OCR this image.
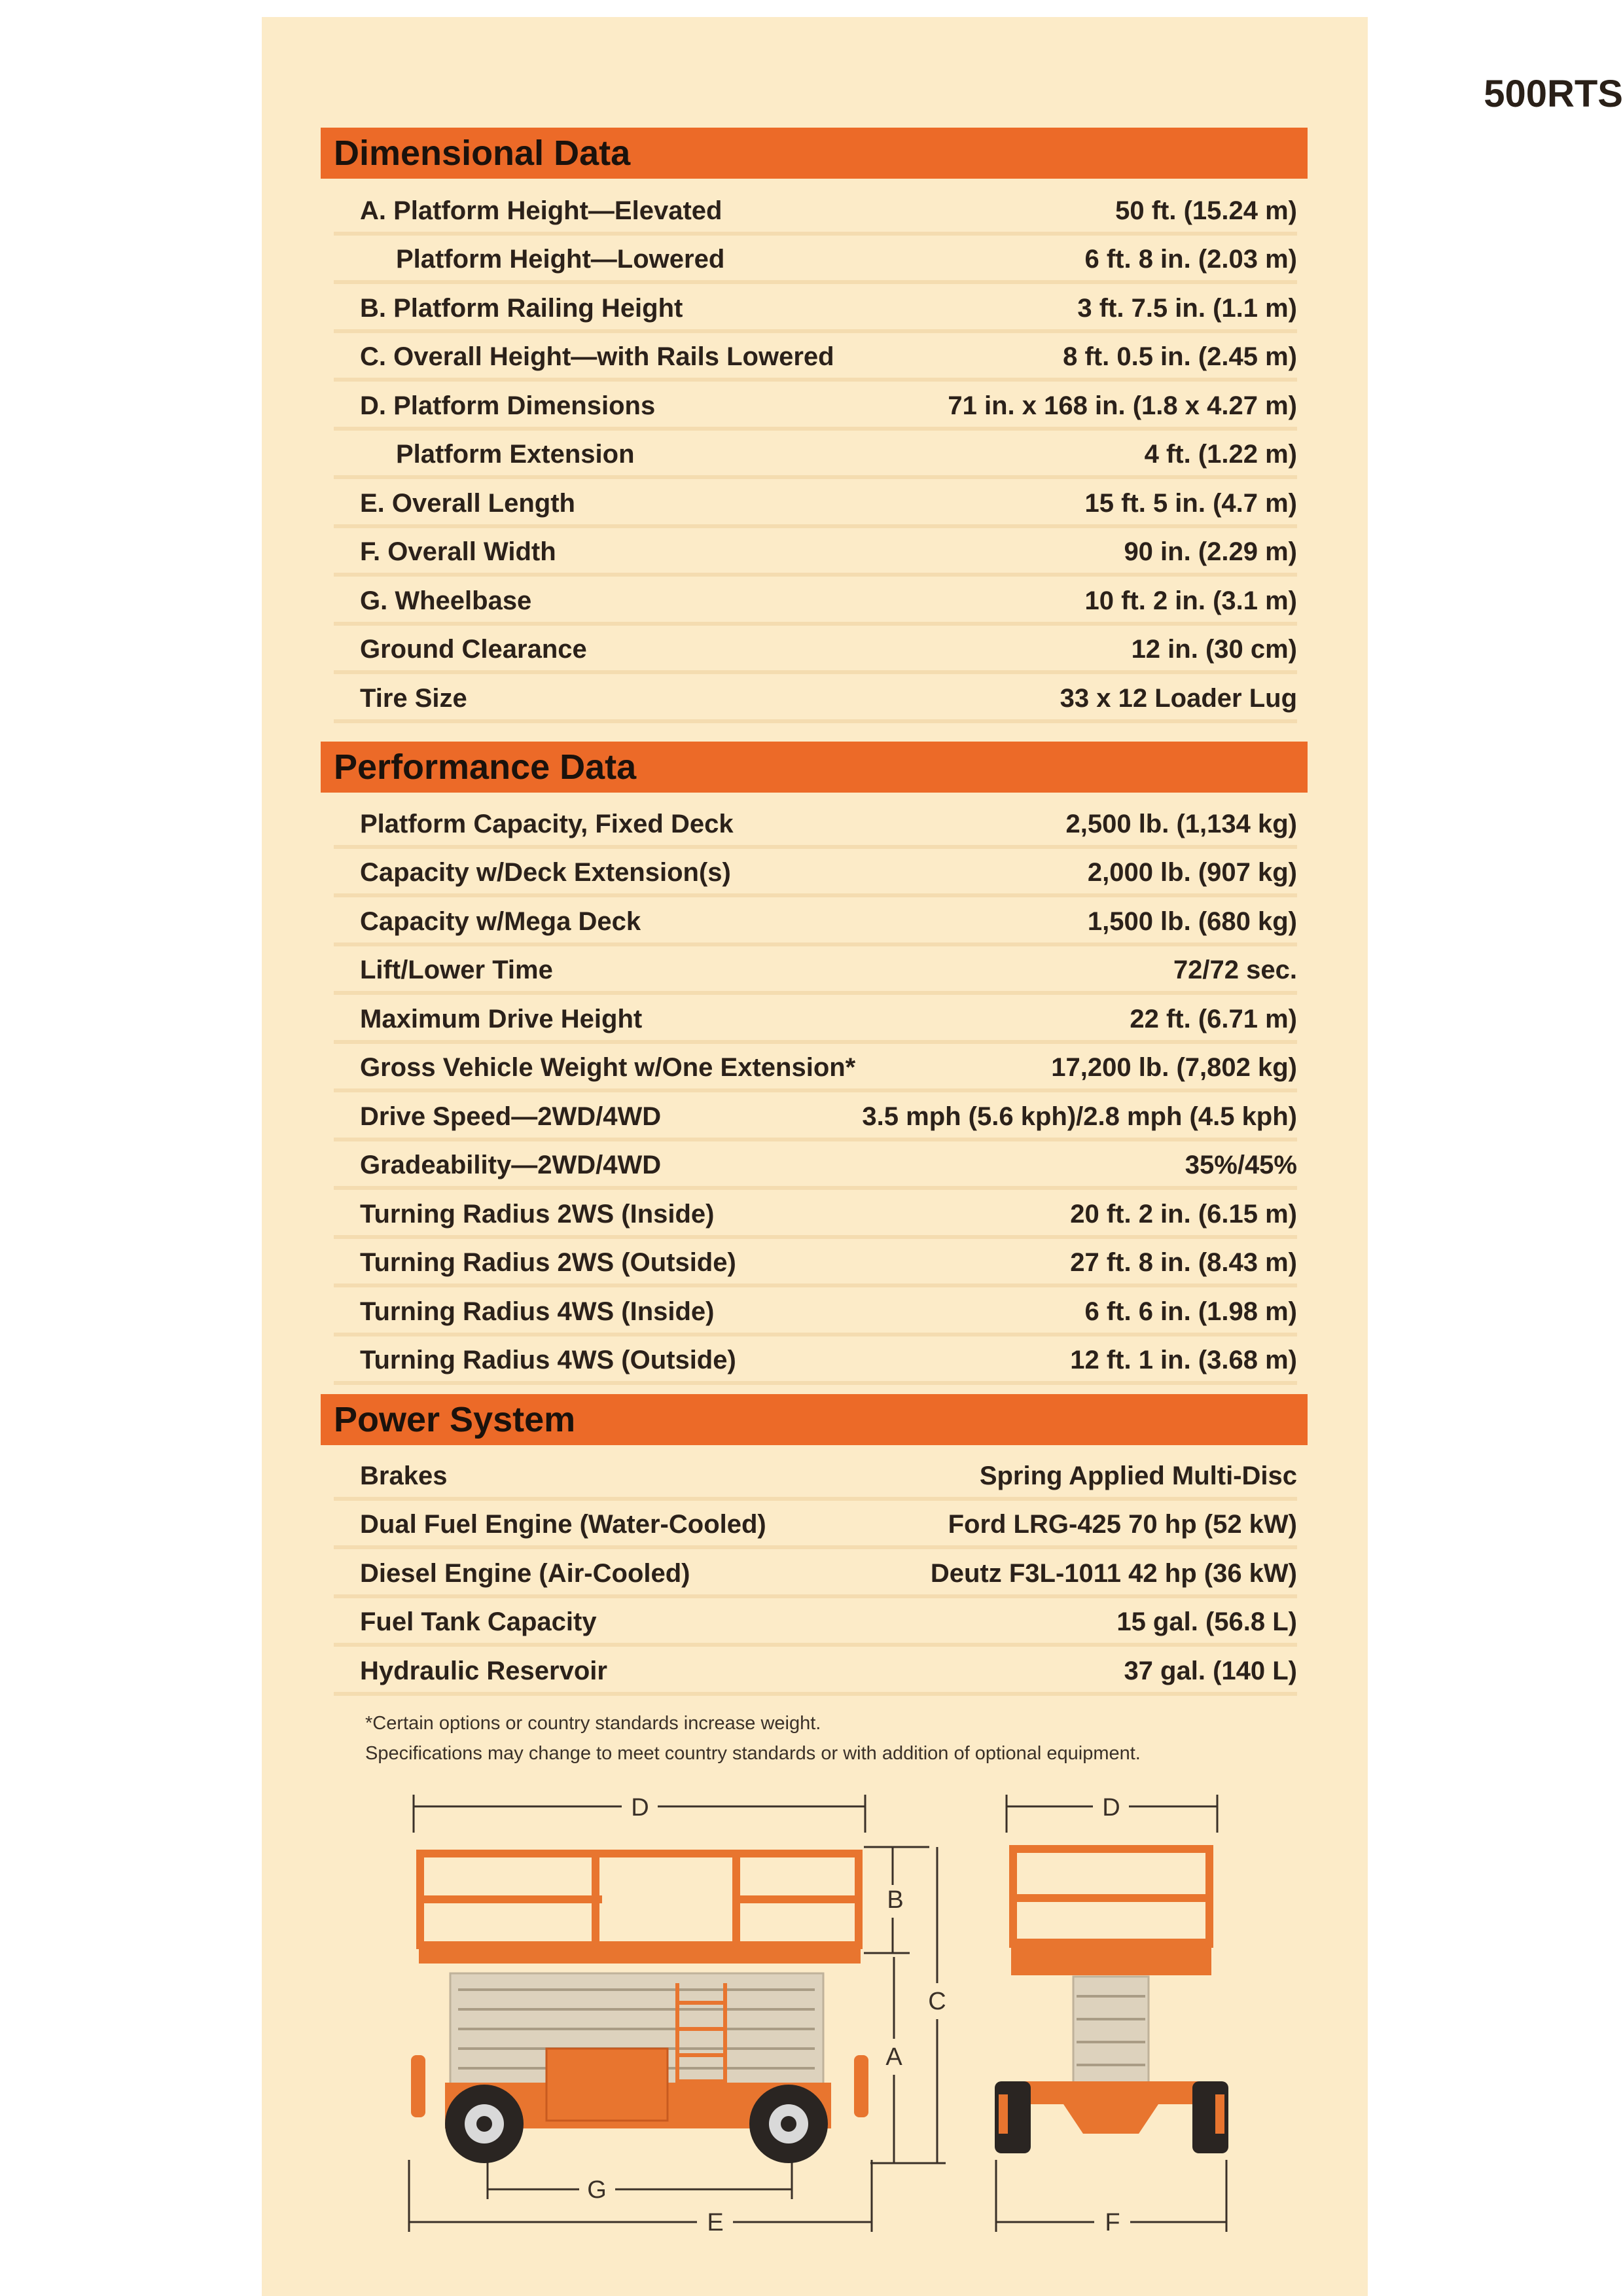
500RTS
Dimensional Data
A. Platform Height—Elevated	50 ft. (15.24 m)
Platform Height—Lowered	6 ft. 8 in. (2.03 m)
B. Platform Railing Height	3 ft. 7.5 in. (1.1 m)
C. Overall Height—with Rails Lowered	8 ft. 0.5 in. (2.45 m)
D. Platform Dimensions	71 in. x 168 in. (1.8 x 4.27 m)
Platform Extension	4 ft. (1.22 m)
E. Overall Length	15 ft. 5 in. (4.7 m)
F. Overall Width	90 in. (2.29 m)
G. Wheelbase	10 ft. 2 in. (3.1 m)
Ground Clearance	12 in. (30 cm)
Tire Size	33 x 12 Loader Lug
Performance Data
Platform Capacity, Fixed Deck	2,500 lb. (1,134 kg)
Capacity w/Deck Extension(s)	2,000 lb. (907 kg)
Capacity w/Mega Deck	1,500 lb. (680 kg)
Lift/Lower Time	72/72 sec.
Maximum Drive Height	22 ft. (6.71 m)
Gross Vehicle Weight w/One Extension*	17,200 lb. (7,802 kg)
Drive Speed—2WD/4WD	3.5 mph (5.6 kph)/2.8 mph (4.5 kph)
Gradeability—2WD/4WD	35%/45%
Turning Radius 2WS (Inside)	20 ft. 2 in. (6.15 m)
Turning Radius 2WS (Outside)	27 ft. 8 in. (8.43 m)
Turning Radius 4WS (Inside)	6 ft. 6 in. (1.98 m)
Turning Radius 4WS (Outside)	12 ft. 1 in. (3.68 m)
Power System
Brakes	Spring Applied Multi-Disc
Dual Fuel Engine (Water-Cooled)	Ford LRG-425 70 hp (52 kW)
Diesel Engine (Air-Cooled)	Deutz F3L-1011 42 hp (36 kW)
Fuel Tank Capacity	15 gal. (56.8 L)
Hydraulic Reservoir	37 gal. (140 L)
*Certain options or country standards increase weight.
Specifications may change to meet country standards or with addition of optional equipment.
D
B
C
A
G
E
D
F
